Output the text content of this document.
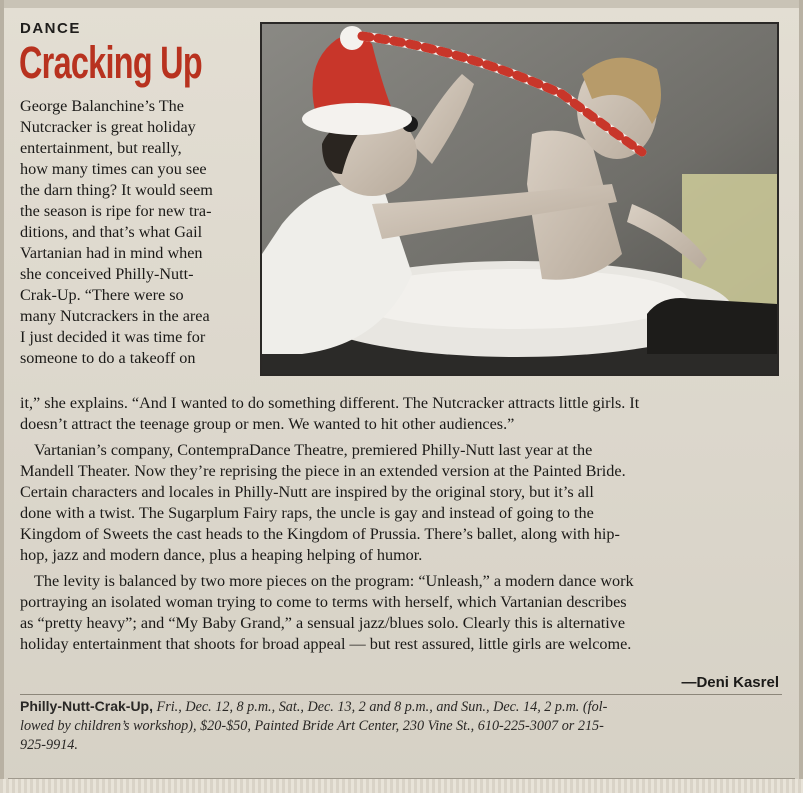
DANCE
Cracking Up
George Balanchine’s The
Nutcracker is great holiday
entertainment, but really,
how many times can you see
the darn thing? It would seem
the season is ripe for new tra-
ditions, and that’s what Gail
Vartanian had in mind when
she conceived Philly-Nutt-
Crak-Up. “There were so
many Nutcrackers in the area
I just decided it was time for
someone to do a takeoff on
it,” she explains. “And I wanted to do something different. The Nutcracker attracts little girls. It
doesn’t attract the teenage group or men. We wanted to hit other audiences.”
Vartanian’s company, ContempraDance Theatre, premiered Philly-Nutt last year at the
Mandell Theater. Now they’re reprising the piece in an extended version at the Painted Bride.
Certain characters and locales in Philly-Nutt are inspired by the original story, but it’s all
done with a twist. The Sugarplum Fairy raps, the uncle is gay and instead of going to the
Kingdom of Sweets the cast heads to the Kingdom of Prussia. There’s ballet, along with hip-
hop, jazz and modern dance, plus a heaping helping of humor.
The levity is balanced by two more pieces on the program: “Unleash,” a modern dance work
portraying an isolated woman trying to come to terms with herself, which Vartanian describes
as “pretty heavy”; and “My Baby Grand,” a sensual jazz/blues solo. Clearly this is alternative
holiday entertainment that shoots for broad appeal — but rest assured, little girls are welcome.
—Deni Kasrel
Philly-Nutt-Crak-Up, Fri., Dec. 12, 8 p.m., Sat., Dec. 13, 2 and 8 p.m., and Sun., Dec. 14, 2 p.m. (fol-
lowed by children’s workshop), $20-$50, Painted Bride Art Center, 230 Vine St., 610-225-3007 or 215-
925-9914.
